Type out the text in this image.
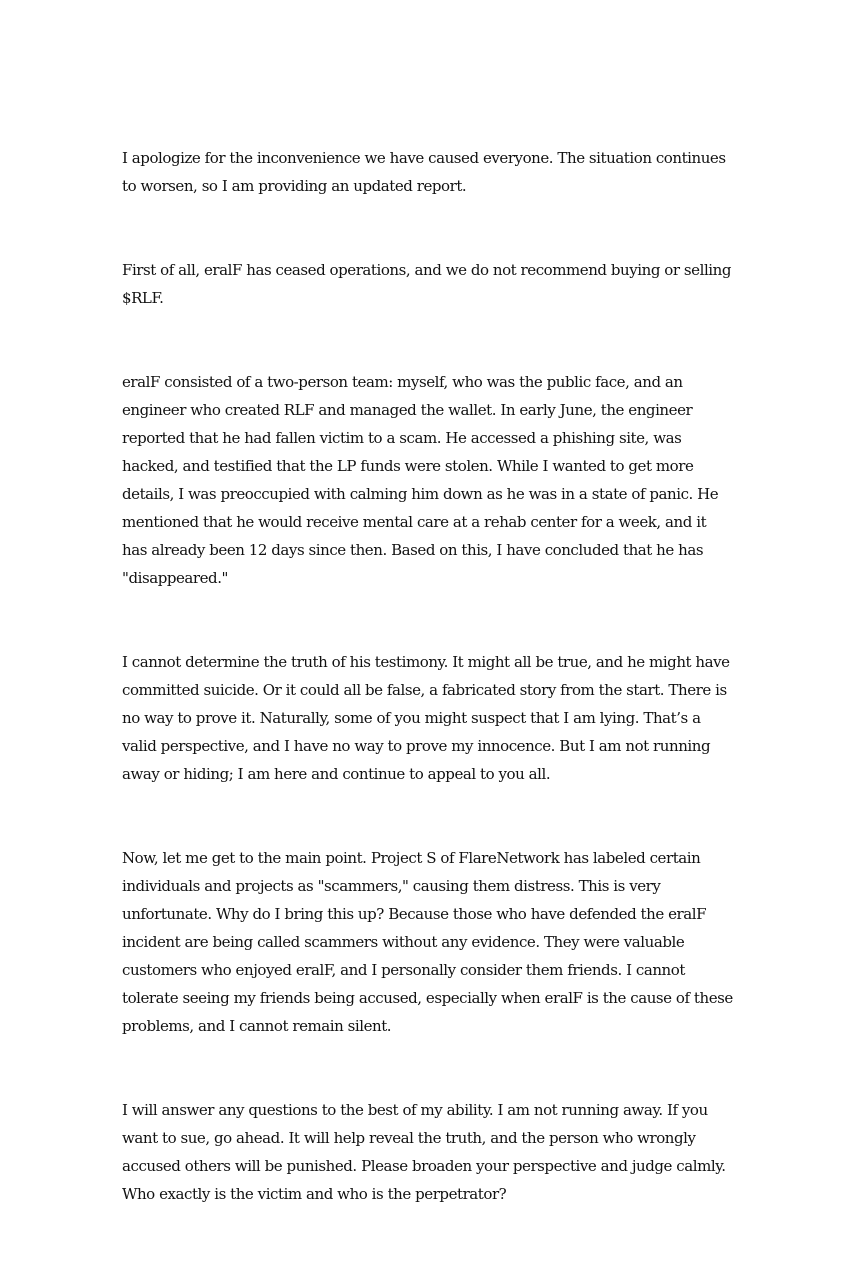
I apologize for the inconvenience we have caused everyone. The situation continues to worsen, so I am providing an updated report.

First of all, eralF has ceased operations, and we do not recommend buying or selling $RLF.

eralF consisted of a two-person team: myself, who was the public face, and an engineer who created RLF and managed the wallet. In early June, the engineer reported that he had fallen victim to a scam. He accessed a phishing site, was hacked, and testified that the LP funds were stolen. While I wanted to get more details, I was preoccupied with calming him down as he was in a state of panic. He mentioned that he would receive mental care at a rehab center for a week, and it has already been 12 days since then. Based on this, I have concluded that he has "disappeared."

I cannot determine the truth of his testimony. It might all be true, and he might have committed suicide. Or it could all be false, a fabricated story from the start. There is no way to prove it. Naturally, some of you might suspect that I am lying. That’s a valid perspective, and I have no way to prove my innocence. But I am not running away or hiding; I am here and continue to appeal to you all.

Now, let me get to the main point. Project S of FlareNetwork has labeled certain individuals and projects as "scammers," causing them distress. This is very unfortunate. Why do I bring this up? Because those who have defended the eralF incident are being called scammers without any evidence. They were valuable customers who enjoyed eralF, and I personally consider them friends. I cannot tolerate seeing my friends being accused, especially when eralF is the cause of these problems, and I cannot remain silent.

I will answer any questions to the best of my ability. I am not running away. If you want to sue, go ahead. It will help reveal the truth, and the person who wrongly accused others will be punished. Please broaden your perspective and judge calmly. Who exactly is the victim and who is the perpetrator?
